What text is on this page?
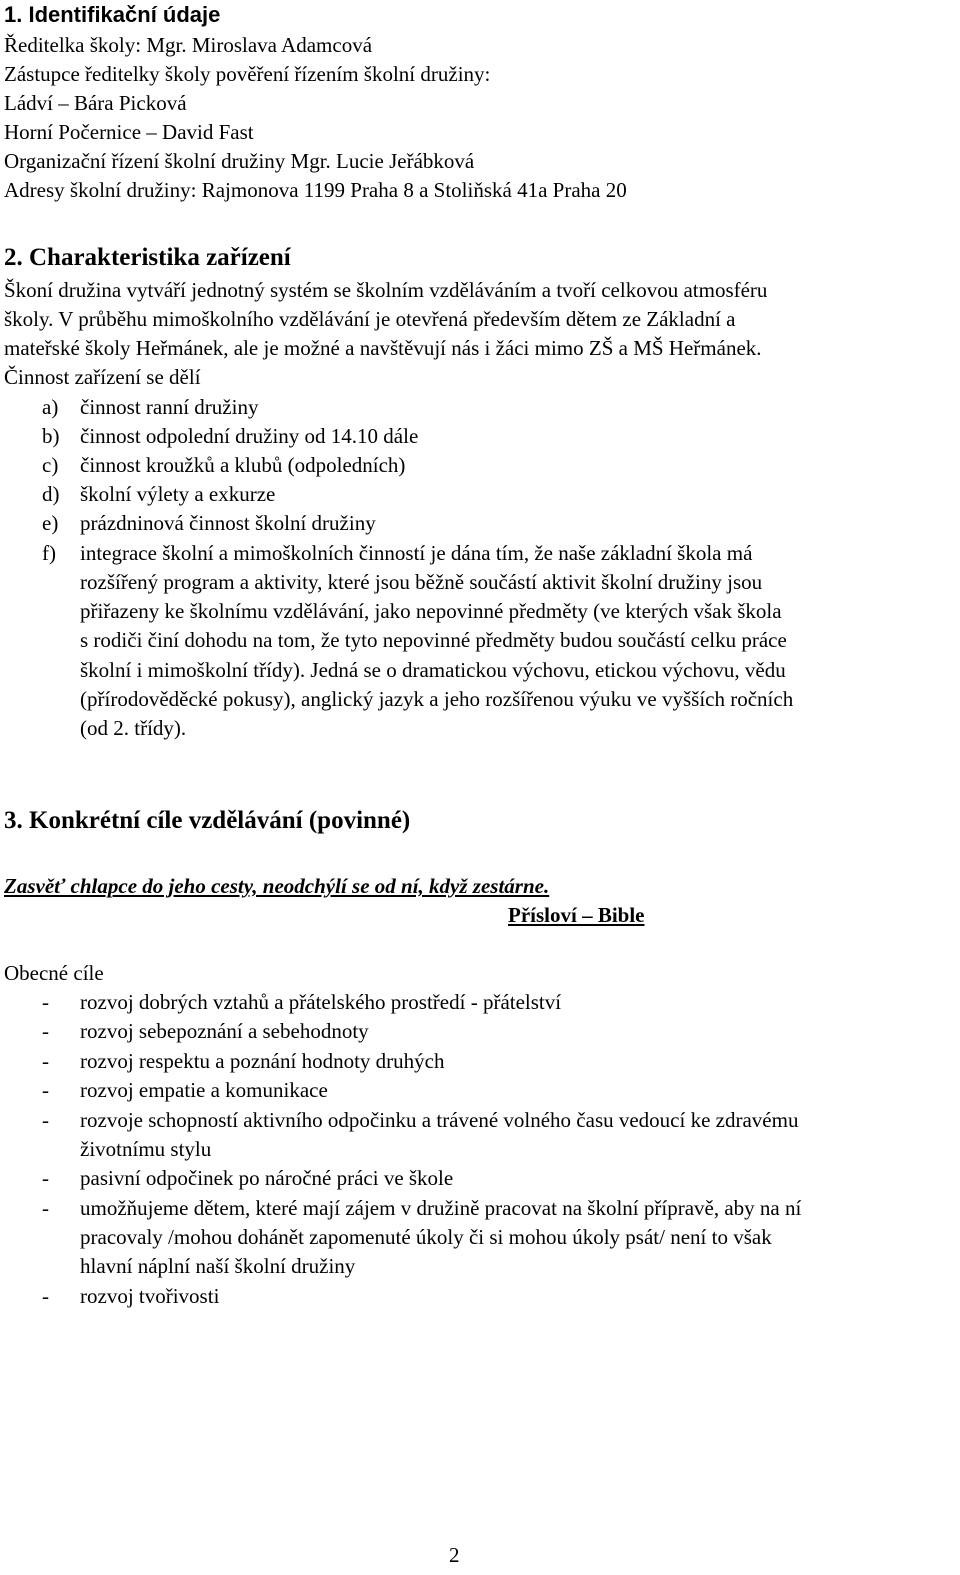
1. Identifikační údaje
Ředitelka školy: Mgr. Miroslava Adamcová
Zástupce ředitelky školy pověření řízením školní družiny:
Ládví – Bára Picková
Horní Počernice – David Fast
Organizační řízení školní družiny Mgr. Lucie Jeřábková
Adresy školní družiny: Rajmonova 1199 Praha 8 a Stoliňská 41a Praha 20
2. Charakteristika zařízení
Škoní družina vytváří jednotný systém se školním vzděláváním a tvoří celkovou atmosféru
školy. V průběhu mimoškolního vzdělávání je otevřená především dětem ze Základní a
mateřské školy Heřmánek, ale je možné a navštěvují nás i žáci mimo ZŠ a MŠ Heřmánek.
Činnost zařízení se dělí
a) činnost ranní družiny
b) činnost odpolední družiny od 14.10 dále
c) činnost kroužků a klubů (odpoledních)
d) školní výlety a exkurze
e) prázdninová činnost školní družiny
f) integrace školní a mimoškolních činností je dána tím, že naše základní škola má
rozšířený program a aktivity, které jsou běžně součástí aktivit školní družiny jsou
přiřazeny ke školnímu vzdělávání, jako nepovinné předměty (ve kterých však škola
s rodiči činí dohodu na tom, že tyto nepovinné předměty budou součástí celku práce
školní i mimoškolní třídy). Jedná se o dramatickou výchovu, etickou výchovu, vědu
(přírodověděcké pokusy), anglický jazyk a jeho rozšířenou výuku ve vyšších ročních
(od 2. třídy).
3. Konkrétní cíle vzdělávání (povinné)
Zasvěť chlapce do jeho cesty, neodchýlí se od ní, když zestárne.
Přísloví – Bible
Obecné cíle
- rozvoj dobrých vztahů a přátelského prostředí - přátelství
- rozvoj sebepoznání a sebehodnoty
- rozvoj respektu a poznání hodnoty druhých
- rozvoj empatie a komunikace
- rozvoje schopností aktivního odpočinku a trávené volného času vedoucí ke zdravému
životnímu stylu
- pasivní odpočinek po náročné práci ve škole
- umožňujeme dětem, které mají zájem v družině pracovat na školní přípravě, aby na ní
pracovaly /mohou dohánět zapomenuté úkoly či si mohou úkoly psát/ není to však
hlavní náplní naší školní družiny
- rozvoj tvořivosti
2
